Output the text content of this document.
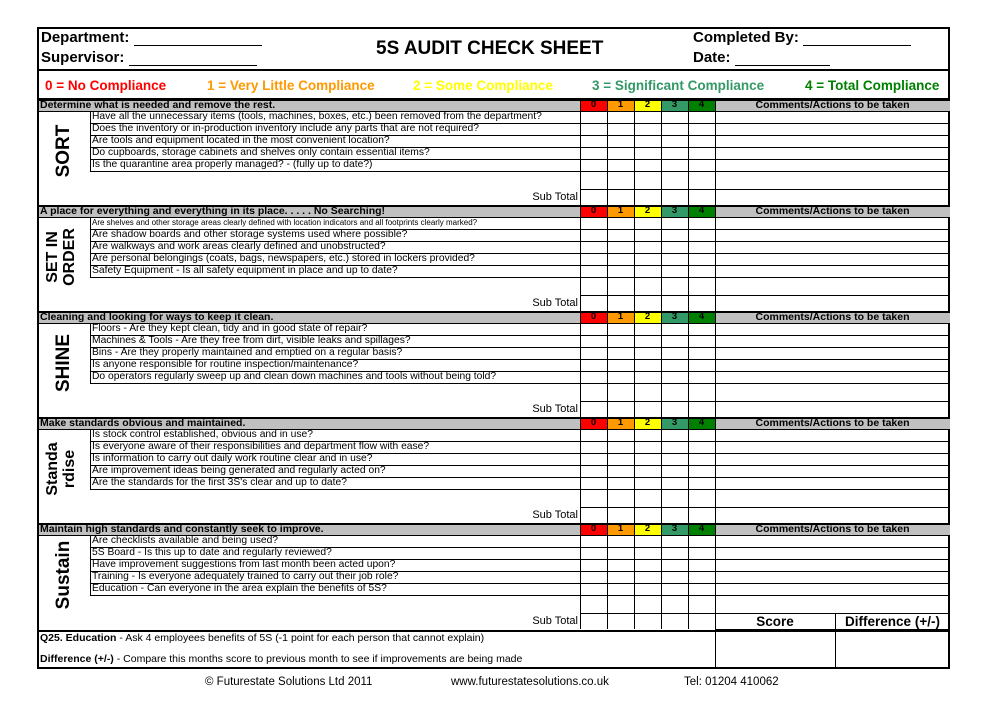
Department:
Supervisor:	5S AUDIT CHECK SHEET
Completed By:
Date:
0 = No Compliance	1 = Very Little Compliance	2 = Some Compliance	3 = Significant Compliance	4 = Total Compliance
Determine what is needed and remove the rest.	0	1	2	3	4	Comments/Actions to be taken
SORT
Have all the unnecessary items (tools, machines, boxes, etc.) been removed from the department?
Does the inventory or in-production inventory include any parts that are not required?
Are tools and equipment located in the most convenient location?
Do cupboards, storage cabinets and shelves only contain essential items?
Is the quarantine area properly managed? - (fully up to date?)
Sub Total
A place for everything and everything in its place. . . . . No Searching!	0	1	2	3	4	Comments/Actions to be taken
SET IN ORDER
Are shelves and other storage areas clearly defined with location indicators and all footprints clearly marked?
Are shadow boards and other storage systems used where possible?
Are walkways and work areas clearly defined and unobstructed?
Are personal belongings (coats, bags, newspapers, etc.) stored in lockers provided?
Safety Equipment - Is all safety equipment in place and up to date?
Sub Total
Cleaning and looking for ways to keep it clean.	0	1	2	3	4	Comments/Actions to be taken
SHINE
Floors - Are they kept clean, tidy and in good state of repair?
Machines & Tools - Are they free from dirt, visible leaks and spillages?
Bins - Are they properly maintained and emptied on a regular basis?
Is anyone responsible for routine inspection/maintenance?
Do operators regularly sweep up and clean down machines and tools without being told?
Sub Total
Make standards obvious and maintained.	0	1	2	3	4	Comments/Actions to be taken
Standa rdise
Is stock control established, obvious and in use?
Is everyone aware of their responsibilities and department flow with ease?
Is information to carry out daily work routine clear and in use?
Are improvement ideas being generated and regularly acted on?
Are the standards for the first 3S's clear and up to date?
Sub Total
Maintain high standards and constantly seek to improve.	0	1	2	3	4	Comments/Actions to be taken
Sustain
Are checklists available and being used?
5S Board - Is this up to date and regularly reviewed?
Have improvement suggestions from last month been acted upon?
Training - Is everyone adequately trained to carry out their job role?
Education - Can everyone in the area explain the benefits of 5S?
Sub Total
Q25. Education - Ask 4 employees benefits of 5S (-1 point for each person that cannot explain)
Difference (+/-) - Compare this months score to previous month to see if improvements are being made
Score	Difference (+/-)
© Futurestate Solutions Ltd 2011	www.futurestatesolutions.co.uk	Tel: 01204 410062
